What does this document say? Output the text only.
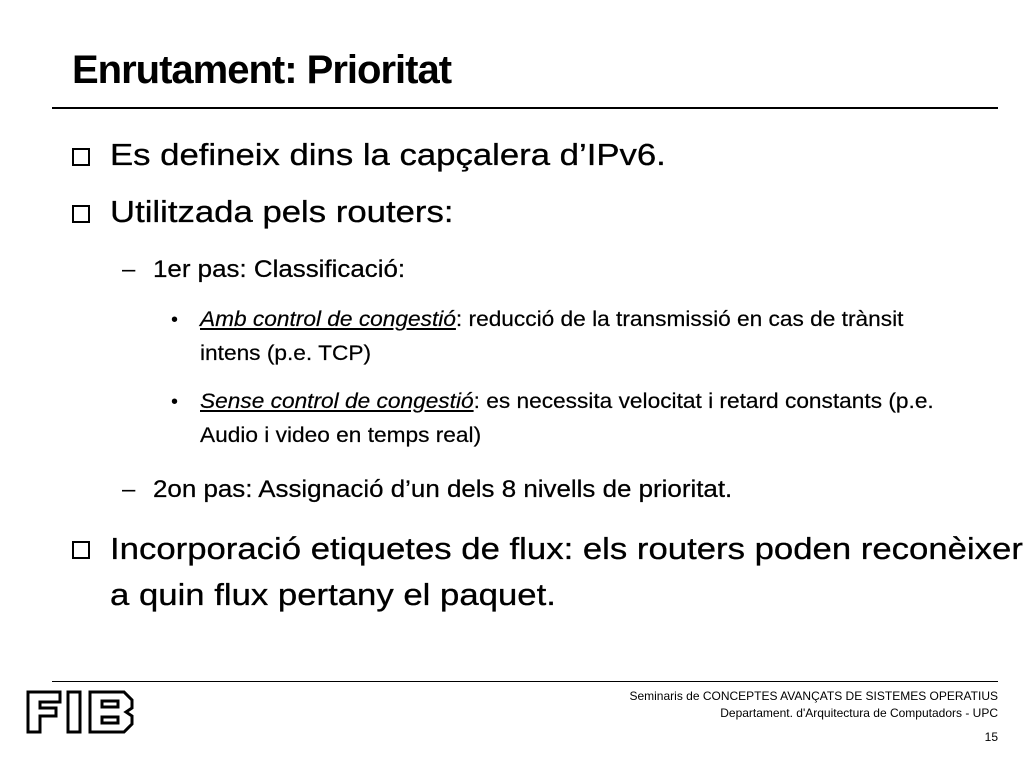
Enrutament: Prioritat
Es defineix dins la capçalera d’IPv6.
Utilitzada pels routers:
– 1er pas: Classificació:
• Amb control de congestió: reducció de la transmissió en cas de trànsit
intens (p.e. TCP)
• Sense control de congestió: es necessita velocitat i retard constants (p.e.
Audio i video en temps real)
– 2on pas: Assignació d’un dels 8 nivells de prioritat.
Incorporació etiquetes de flux: els routers poden reconèixer
a quin flux pertany el paquet.
Seminaris de CONCEPTES AVANÇATS DE SISTEMES OPERATIUS
Departament. d'Arquitectura de Computadors - UPC
15
